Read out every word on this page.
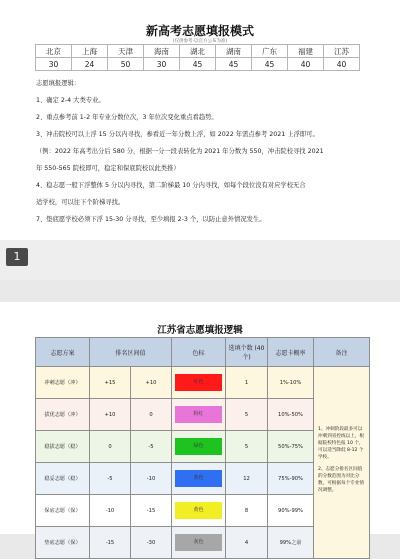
新高考志愿填报模式
(仅供参考·以官方公布为准)
北京	上海	天津	海南	湖北	湖南	广东	福建	江苏
30	24	50	30	45	45	45	40	40
志愿填报逻辑：
1、确定 2-4 大类专业。
2、重点参考前 1-2 年专业分数位次，3 年位次变化重点看趋势。
3、冲击院校可以上浮 15 分以内寻找，参看近一年分数上浮，如 2022 年需点参考 2021 上浮即可。
（例：2022 年高考出分后 580 分，根据一分一段表转化为 2021 年分数为 550，冲击院校寻找 2021
年 550-565 院校即可，稳定和保底院校以此类推）
4、稳志愿一般下浮整体 5 分以内寻找，第二阶梯最 10 分内寻找，如每个段位没有对应学校无合
适学校，可以往下个阶梯寻找。
7、垫底愿学校必须下浮 15-30 分寻找，至少填报 2-3 个，以防止意外情况发生。
1
江苏省志愿填报逻辑
志愿方案	排名区间值		色标	选填个数 (40 个)	志愿卡概率	备注
冲刺志愿（冲）	+15	+10	红色	1	1%-10%	1、冲刺阶段最多可以冲刺到省控线以上，根据院校特色报 10 个，可以适当降低 8-12 个学校。

2、志愿分排名区间值的分数范围为对比分数，可根据每个专业情况调整。

拔优志愿（冲）	+10	0	粉红	5	10%-50%	
稳拔志愿（稳）	0	-5	绿色	5	50%-75%	
稳妥志愿（稳）	-5	-10	蓝色	12	75%-90%	
保底志愿（保）	-10	-15	黄色	8	90%-99%	
垫底志愿（保）	-15	-30	灰色	4	99%之前	
